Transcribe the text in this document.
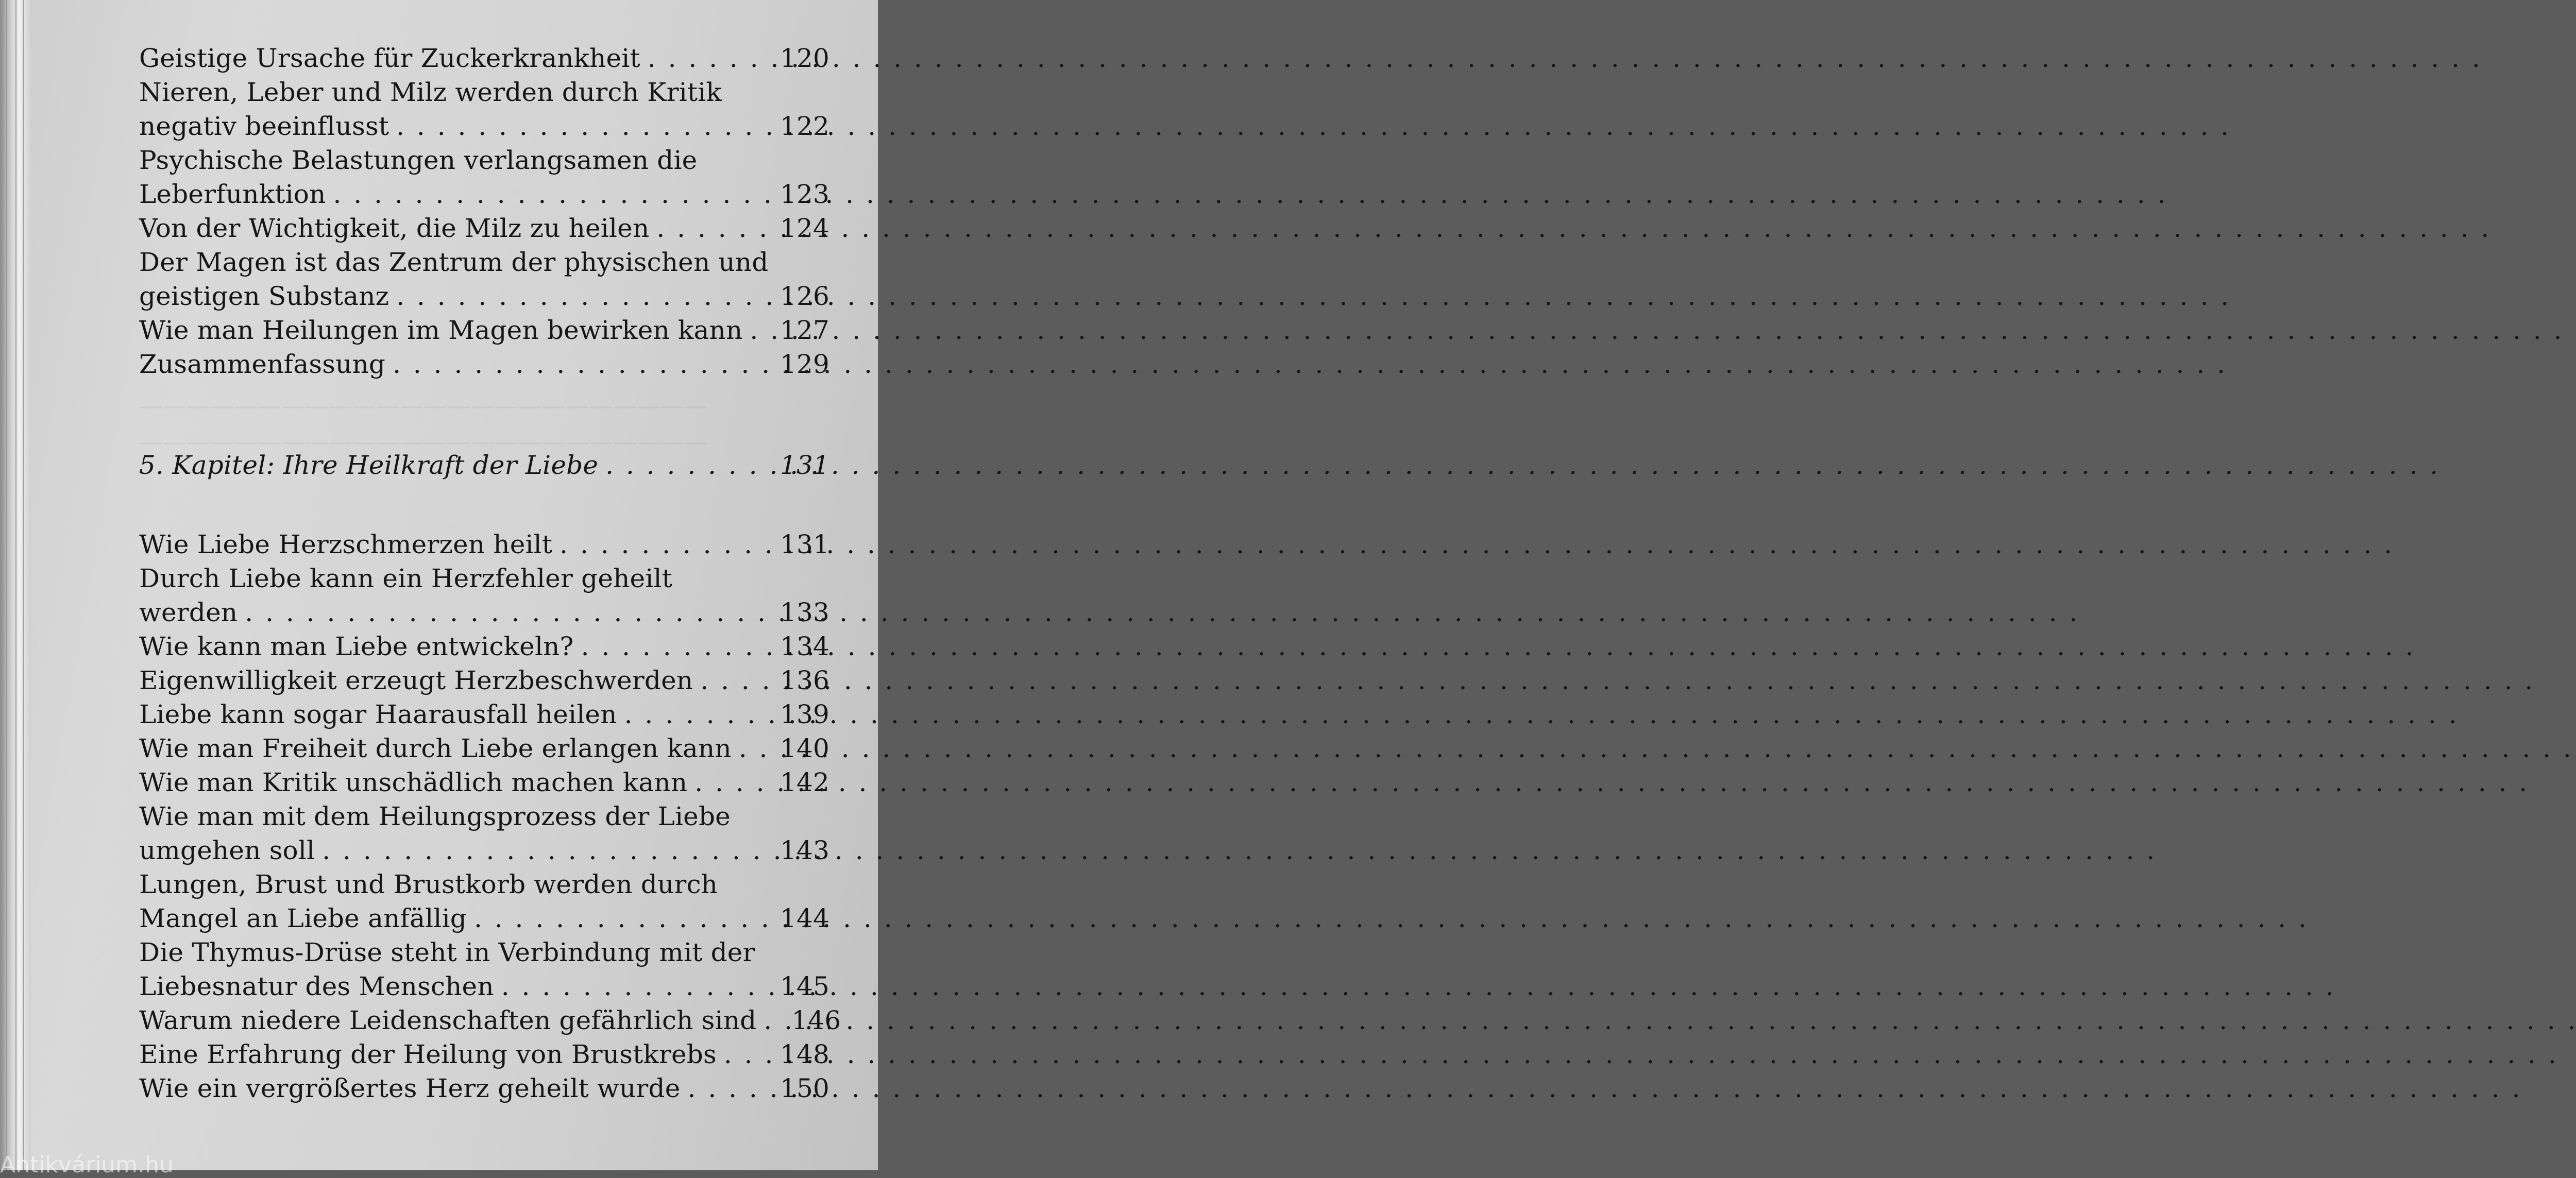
————————————————————————
————————————————————————
Geistige Ursache für Zuckerkrankheit . . .	120
Nieren, Leber und Milz werden durch Kritik
negativ beeinflusst . . .	122
Psychische Belastungen verlangsamen die
Leberfunktion . . .	123
Von der Wichtigkeit, die Milz zu heilen . . .	124
Der Magen ist das Zentrum der physischen und
geistigen Substanz . . .	126
Wie man Heilungen im Magen bewirken kann . . . 127
Zusammenfassung . . .	129
5. Kapitel: Ihre Heilkraft der Liebe . . .	131
Wie Liebe Herzschmerzen heilt . . .	131
Durch Liebe kann ein Herzfehler geheilt
werden . . .	133
Wie kann man Liebe entwickeln? . . .	134
Eigenwilligkeit erzeugt Herzbeschwerden . . .	136
Liebe kann sogar Haarausfall heilen . . .	139
Wie man Freiheit durch Liebe erlangen kann . . . 140
Wie man Kritik unschädlich machen kann . . .	142
Wie man mit dem Heilungsprozess der Liebe
umgehen soll . . .	143
Lungen, Brust und Brustkorb werden durch
Mangel an Liebe anfällig . . .	144
Die Thymus-Drüse steht in Verbindung mit der
Liebesnatur des Menschen . . .	145
Warum niedere Leidenschaften gefährlich sind . . . 146
Eine Erfahrung der Heilung von Brustkrebs . . . 148
Wie ein vergrößertes Herz geheilt wurde . . .	150
Antikvárium.hu
